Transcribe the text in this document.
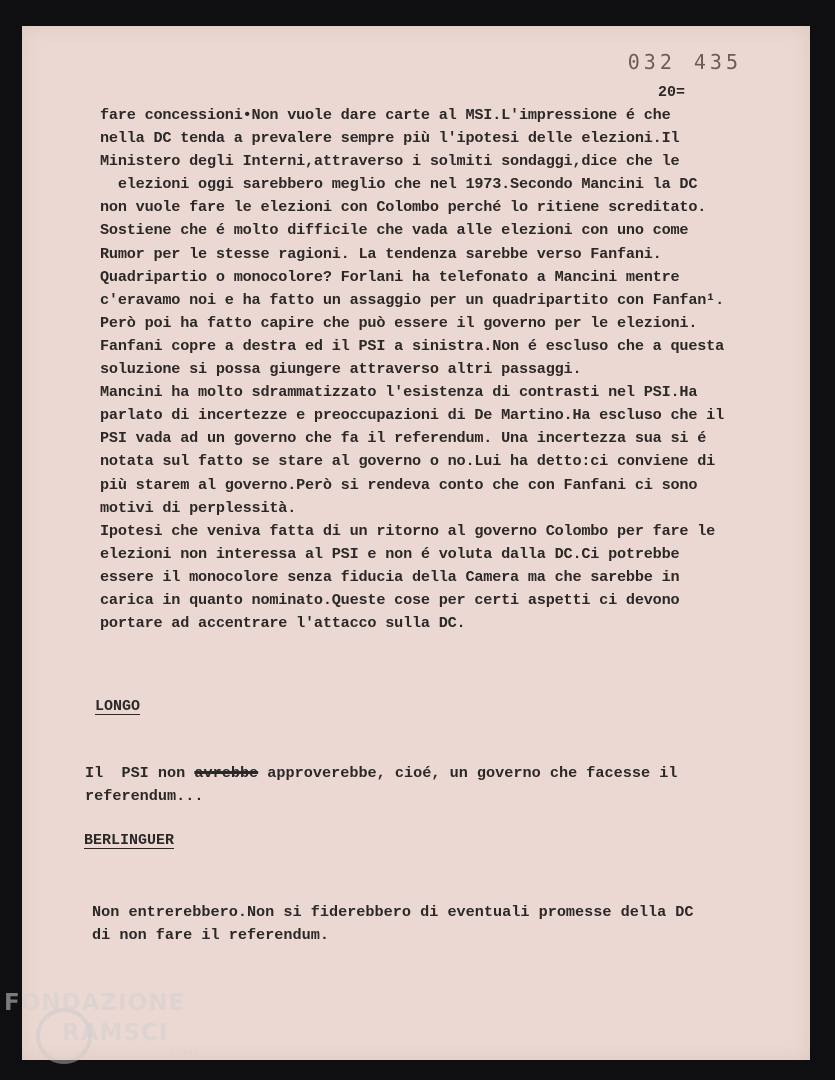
032 435
20=
fare concessioni•Non vuole dare carte al MSI.L'impressione é che
nella DC tenda a prevalere sempre più l'ipotesi delle elezioni.Il
Ministero degli Interni,attraverso i solmiti sondaggi,dice che le
elezioni oggi sarebbero meglio che nel 1973.Secondo Mancini la DC
non vuole fare le elezioni con Colombo perché lo ritiene screditato.
Sostiene che é molto difficile che vada alle elezioni con uno come
Rumor per le stesse ragioni. La tendenza sarebbe verso Fanfani.
Quadripartio o monocolore? Forlani ha telefonato a Mancini mentre
c'eravamo noi e ha fatto un assaggio per un quadripartito con Fanfan¹.
Però poi ha fatto capire che può essere il governo per le elezioni.
Fanfani copre a destra ed il PSI a sinistra.Non é escluso che a questa
soluzione si possa giungere attraverso altri passaggi.
Mancini ha molto sdrammatizzato l'esistenza di contrasti nel PSI.Ha
parlato di incertezze e preoccupazioni di De Martino.Ha escluso che il
PSI vada ad un governo che fa il referendum. Una incertezza sua si é
notata sul fatto se stare al governo o no.Lui ha detto:ci conviene di
più starem al governo.Però si rendeva conto che con Fanfani ci sono
motivi di perplessità.
Ipotesi che veniva fatta di un ritorno al governo Colombo per fare le
elezioni non interessa al PSI e non é voluta dalla DC.Ci potrebbe
essere il monocolore senza fiducia della Camera ma che sarebbe in
carica in quanto nominato.Queste cose per certi aspetti ci devono
portare ad accentrare l'attacco sulla DC.
LONGO
Il  PSI non avrebbe approverebbe, cioé, un governo che facesse il
referendum...
BERLINGUER
Non entrerebbero.Non si fiderebbero di eventuali promesse della DC
di non fare il referendum.
FONDAZIONE
RAMSCI
onlus
